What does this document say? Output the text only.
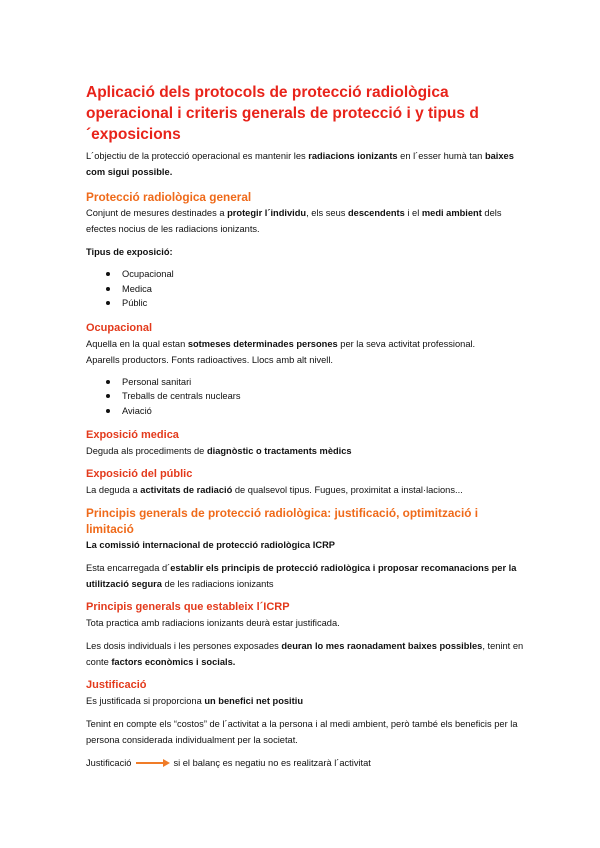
Aplicació dels protocols de protecció radiològica operacional i criteris generals de protecció i y tipus d´exposicions

L´objectiu de la protecció operacional es mantenir les radiacions ionizants en l´esser humà tan baixes com sigui possible.

Protecció radiològica general

Conjunt de mesures destinades a protegir l´individu, els seus descendents i el medi ambient dels efectes nocius de les radiacions ionizants.

Tipus de exposició:

Ocupacional
Medica
Públic
Ocupacional

Aquella en la qual estan sotmeses determinades persones per la seva activitat professional.

Aparells productors. Fonts radioactives. Llocs amb alt nivell.

Personal sanitari
Treballs de centrals nuclears
Aviació
Exposició medica

Deguda als procediments de diagnòstic o tractaments mèdics

Exposició del públic

La deguda a activitats de radiació de qualsevol tipus. Fugues, proximitat a instal·lacions...

Principis generals de protecció radiològica: justificació, optimització i limitació

La comissió internacional de protecció radiològica ICRP

Esta encarregada d´establir els principis de protecció radiològica i proposar recomanacions per la utilització segura de les radiacions ionizants

Principis generals que estableix l´ICRP

Tota practica amb radiacions ionizants deurà estar justificada.

Les dosis individuals i les persones exposades deuran lo mes raonadament baixes possibles, tenint en conte factors econòmics i socials.

Justificació

Es justificada si proporciona un benefici net positiu

Tenint en compte els “costos” de l´activitat a la persona i al medi ambient, però també els beneficis per la persona considerada individualment per la societat.

Justificació	si el balanç es negatiu no es realitzarà l´activitat
